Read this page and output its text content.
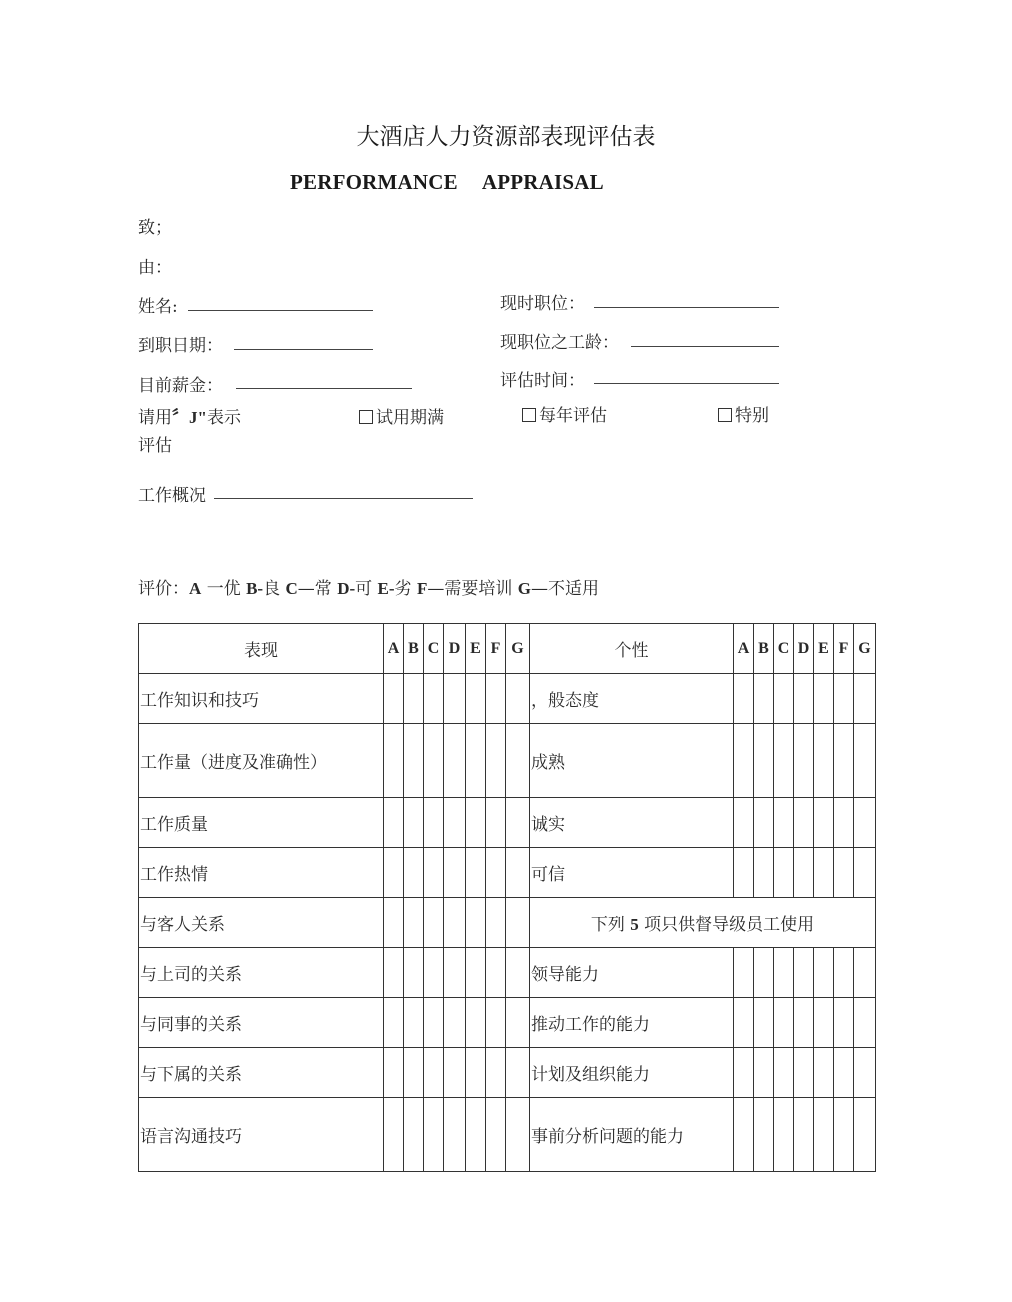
大酒店人力资源部表现评估表
PERFORMANCE APPRAISAL
致；
由：
姓名:	现时职位：
到职日期：	现职位之工龄：
目前薪金：	评估时间：
请用〞J"表示
评估
试用期满	每年评估	特别
工作概况
评价：A 一优 B-良 C—常 D-可 E-劣 F—需要培训 G—不适用
表现	A	B	C	D	E	F	G	个性	A	B	C	D	E	F	G
工作知识和技巧								，般态度							
工作量（进度及准确性）								成熟							
工作质量								诚实							
工作热情								可信							
与客人关系								下列 5 项只供督导级员工使用							
与上司的关系								领导能力							
与同事的关系								推动工作的能力							
与下属的关系								计划及组织能力							
语言沟通技巧								事前分析问题的能力							
